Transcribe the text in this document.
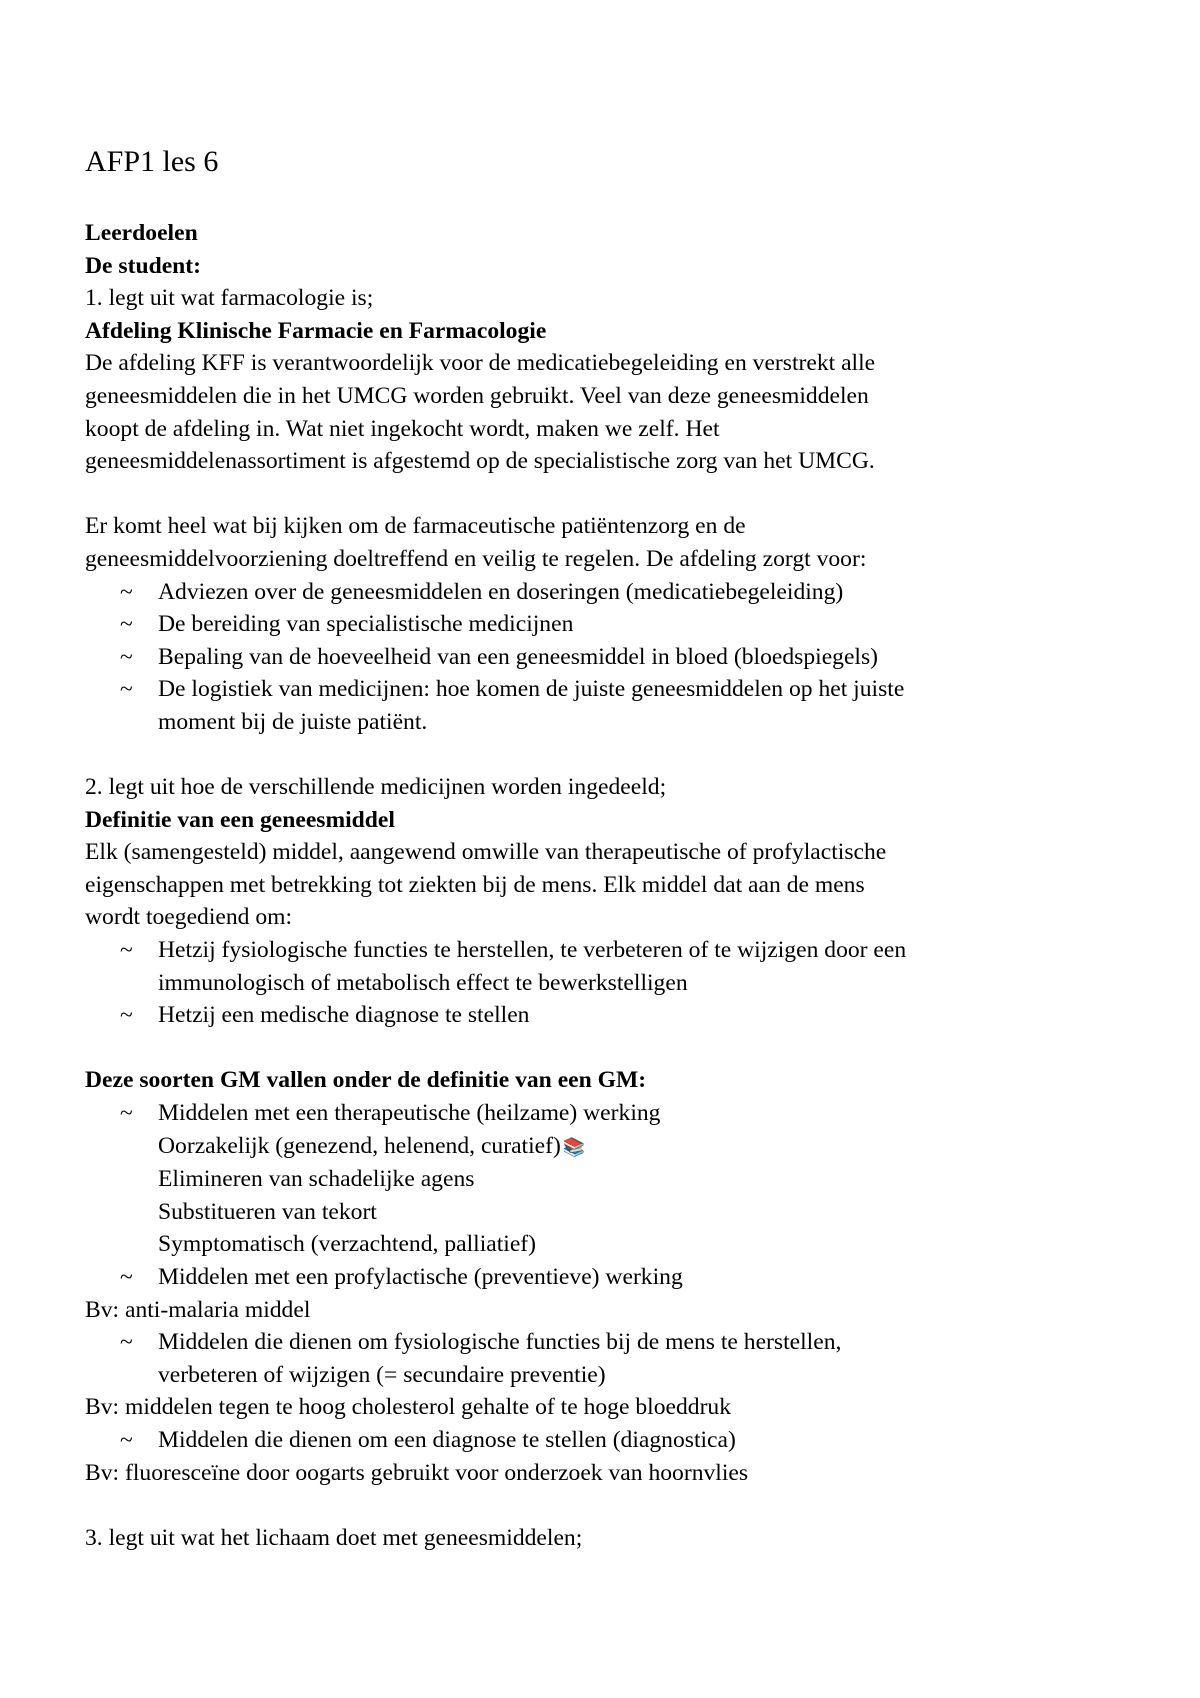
AFP1 les 6

Leerdoelen

De student:

1. legt uit wat farmacologie is;

Afdeling Klinische Farmacie en Farmacologie

De afdeling KFF is verantwoordelijk voor de medicatiebegeleiding en verstrekt alle

geneesmiddelen die in het UMCG worden gebruikt. Veel van deze geneesmiddelen

koopt de afdeling in. Wat niet ingekocht wordt, maken we zelf. Het

geneesmiddelenassortiment is afgestemd op de specialistische zorg van het UMCG.

Er komt heel wat bij kijken om de farmaceutische patiëntenzorg en de

geneesmiddelvoorziening doeltreffend en veilig te regelen. De afdeling zorgt voor:

~ Adviezen over de geneesmiddelen en doseringen (medicatiebegeleiding)
~ De bereiding van specialistische medicijnen
~ Bepaling van de hoeveelheid van een geneesmiddel in bloed (bloedspiegels)
~ De logistiek van medicijnen: hoe komen de juiste geneesmiddelen op het juiste
moment bij de juiste patiënt.

2. legt uit hoe de verschillende medicijnen worden ingedeeld;

Definitie van een geneesmiddel

Elk (samengesteld) middel, aangewend omwille van therapeutische of profylactische

eigenschappen met betrekking tot ziekten bij de mens. Elk middel dat aan de mens

wordt toegediend om:

~ Hetzij fysiologische functies te herstellen, te verbeteren of te wijzigen door een
immunologisch of metabolisch effect te bewerkstelligen
~ Hetzij een medische diagnose te stellen

Deze soorten GM vallen onder de definitie van een GM:

~ Middelen met een therapeutische (heilzame) werking
Oorzakelijk (genezend, helenend, curatief) 📚
Elimineren van schadelijke agens
Substitueren van tekort
Symptomatisch (verzachtend, palliatief)
~ Middelen met een profylactische (preventieve) werking

Bv: anti-malaria middel

~ Middelen die dienen om fysiologische functies bij de mens te herstellen,
verbeteren of wijzigen (= secundaire preventie)

Bv: middelen tegen te hoog cholesterol gehalte of te hoge bloeddruk

~ Middelen die dienen om een diagnose te stellen (diagnostica)

Bv: fluoresceïne door oogarts gebruikt voor onderzoek van hoornvlies

3. legt uit wat het lichaam doet met geneesmiddelen;
